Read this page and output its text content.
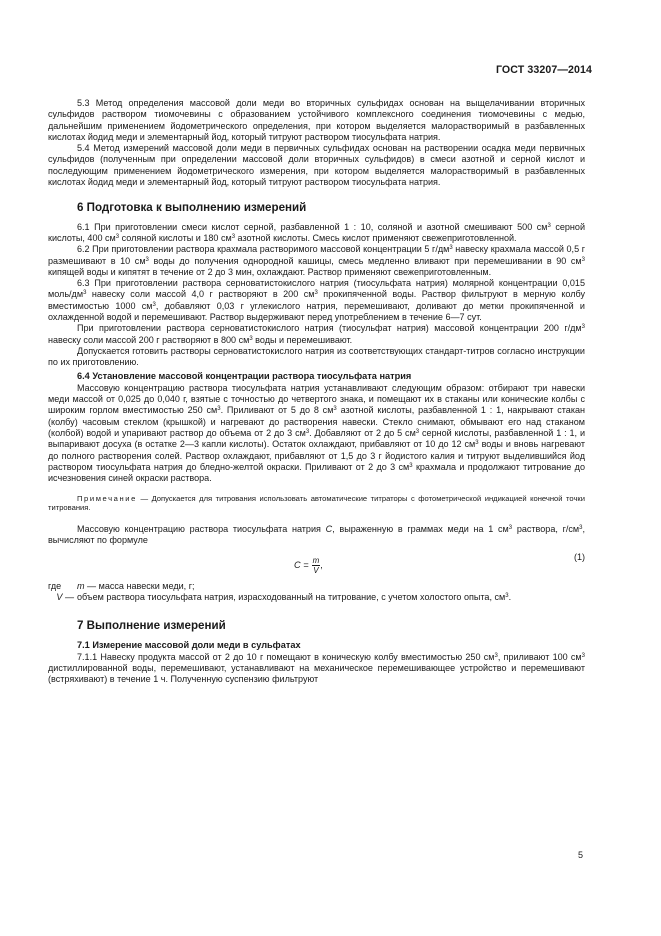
ГОСТ 33207—2014

5.3 Метод определения массовой доли меди во вторичных сульфидах основан на выщелачивании вторичных сульфидов раствором тиомочевины с образованием устойчивого комплексного соединения тиомочевины с медью, дальнейшим применением йодометрического определения, при котором выделяется малорастворимый в разбавленных кислотах йодид меди и элементарный йод, который титруют раствором тиосульфата натрия.

5.4 Метод измерений массовой доли меди в первичных сульфидах основан на растворении осадка меди первичных сульфидов (полученным при определении массовой доли вторичных сульфидов) в смеси азотной и серной кислот и последующим применением йодометрического измерения, при котором выделяется малорастворимый в разбавленных кислотах йодид меди и элементарный йод, который титруют раствором тиосульфата натрия.

6 Подготовка к выполнению измерений

6.1 При приготовлении смеси кислот серной, разбавленной 1 : 10, соляной и азотной смешивают 500 $см^3$ серной кислоты, 400 $см^3$ соляной кислоты и 180 $см^3$ азотной кислоты. Смесь кислот применяют свежеприготовленной.

6.2 При приготовлении раствора крахмала растворимого массовой концентрации 5 $г/дм^3$ навеску крахмала массой 0,5 г размешивают в 10 $см^3$ воды до получения однородной кашицы, смесь медленно вливают при перемешивании в 90 $см^3$ кипящей воды и кипятят в течение от 2 до 3 мин, охлаждают. Раствор применяют свежеприготовленным.

6.3 При приготовлении раствора серноватистокислого натрия (тиосульфата натрия) молярной концентрации 0,015 моль/$дм^3$ навеску соли массой 4,0 г растворяют в 200 $см^3$ прокипяченной воды. Раствор фильтруют в мерную колбу вместимостью 1000 $см^3$, добавляют 0,03 г углекислого натрия, перемешивают, доливают до метки прокипяченной и охлажденной водой и перемешивают. Раствор выдерживают перед употреблением в течение 6—7 сут.

При приготовлении раствора серноватистокислого натрия (тиосульфат натрия) массовой концентрации 200 $г/дм^3$ навеску соли массой 200 г растворяют в 800 $см^3$ воды и перемешивают.

Допускается готовить растворы серноватистокислого натрия из соответствующих стандарт-титров согласно инструкции по их приготовлению.

6.4 Установление массовой концентрации раствора тиосульфата натрия

Массовую концентрацию раствора тиосульфата натрия устанавливают следующим образом: отбирают три навески меди массой от 0,025 до 0,040 г, взятые с точностью до четвертого знака, и помещают их в стаканы или конические колбы с широким горлом вместимостью 250 $см^3$. Приливают от 5 до 8 $см^3$ азотной кислоты, разбавленной 1 : 1, накрывают стакан (колбу) часовым стеклом (крышкой) и нагревают до растворения навески. Стекло снимают, обмывают его над стаканом (колбой) водой и упаривают раствор до объема от 2 до 3 $см^3$. Добавляют от 2 до 5 $см^3$ серной кислоты, разбавленной 1 : 1, и выпаривают досуха (в остатке 2—3 капли кислоты). Остаток охлаждают, прибавляют от 10 до 12 $см^3$ воды и вновь нагревают до полного растворения солей. Раствор охлаждают, прибавляют от 1,5 до 3 г йодистого калия и титруют выделившийся йод раствором тиосульфата натрия до бледно-желтой окраски. Приливают от 2 до 3 $см^3$ крахмала и продолжают титрование до исчезновения синей окраски раствора.

Примечание — Допускается для титрования использовать автоматические титраторы с фотометрической индикацией конечной точки титрования.

Массовую концентрацию раствора тиосульфата натрия C, выраженную в граммах меди на 1 $см^3$ раствора, $г/см^3$, вычисляют по формуле

$C = \frac{m}{V}$ ,
(1)
где	m — масса навески меди, г;
V — объем раствора тиосульфата натрия, израсходованный на титрование, с учетом холостого опыта, $см^3$.
7 Выполнение измерений
7.1 Измерение массовой доли меди в сульфатах

7.1.1 Навеску продукта массой от 2 до 10 г помещают в коническую колбу вместимостью 250 $см^3$, приливают 100 $см^3$ дистиллированной воды, перемешивают, устанавливают на механическое перемешивающее устройство и перемешивают (встряхивают) в течение 1 ч. Полученную суспензию фильтруют

5
